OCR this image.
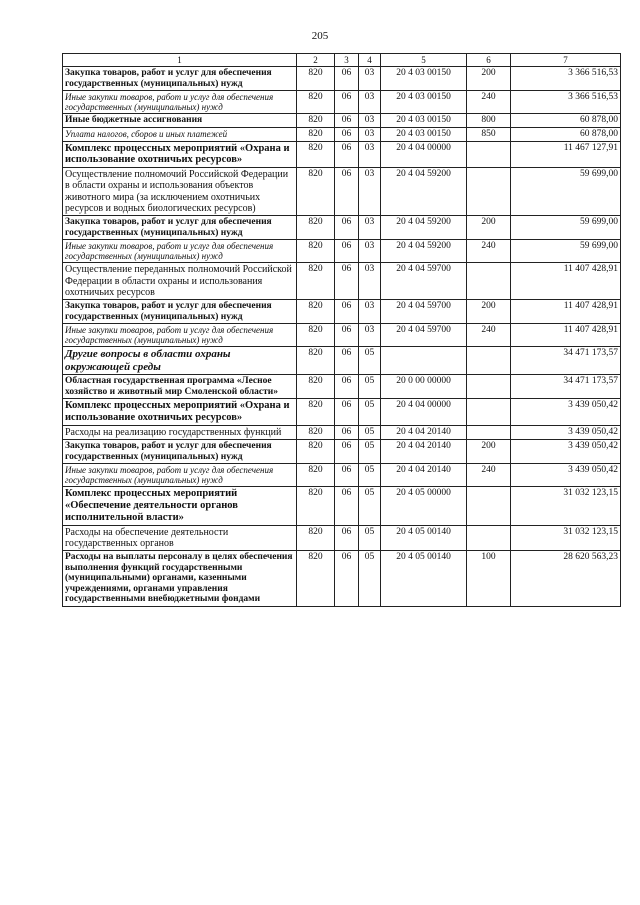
205
1	2	3	4	5	6	7
Закупка товаров, работ и услуг для обеспечения государственных (муниципальных) нужд	820	06	03	20 4 03 00150	200	3 366 516,53
Иные закупки товаров, работ и услуг для обеспечения государственных (муниципальных) нужд	820	06	03	20 4 03 00150	240	3 366 516,53
Иные бюджетные ассигнования	820	06	03	20 4 03 00150	800	60 878,00
Уплата налогов, сборов и иных платежей	820	06	03	20 4 03 00150	850	60 878,00
Комплекс процессных мероприятий «Охрана и использование охотничьих ресурсов»	820	06	03	20 4 04 00000		11 467 127,91
Осуществление полномочий Российской Федерации в области охраны и использования объектов животного мира (за исключением охотничьих ресурсов и водных биологических ресурсов)	820	06	03	20 4 04 59200		59 699,00
Закупка товаров, работ и услуг для обеспечения государственных (муниципальных) нужд	820	06	03	20 4 04 59200	200	59 699,00
Иные закупки товаров, работ и услуг для обеспечения государственных (муниципальных) нужд	820	06	03	20 4 04 59200	240	59 699,00
Осуществление переданных полномочий Российской Федерации в области охраны и использования охотничьих ресурсов	820	06	03	20 4 04 59700		11 407 428,91
Закупка товаров, работ и услуг для обеспечения государственных (муниципальных) нужд	820	06	03	20 4 04 59700	200	11 407 428,91
Иные закупки товаров, работ и услуг для обеспечения государственных (муниципальных) нужд	820	06	03	20 4 04 59700	240	11 407 428,91
Другие вопросы в области охраны окружающей среды	820	06	05			34 471 173,57
Областная государственная программа «Лесное хозяйство и животный мир Смоленской области»	820	06	05	20 0 00 00000		34 471 173,57
Комплекс процессных мероприятий «Охрана и использование охотничьих ресурсов»	820	06	05	20 4 04 00000		3 439 050,42
Расходы на реализацию государственных функций	820	06	05	20 4 04 20140		3 439 050,42
Закупка товаров, работ и услуг для обеспечения государственных (муниципальных) нужд	820	06	05	20 4 04 20140	200	3 439 050,42
Иные закупки товаров, работ и услуг для обеспечения государственных (муниципальных) нужд	820	06	05	20 4 04 20140	240	3 439 050,42
Комплекс процессных мероприятий «Обеспечение деятельности органов исполнительной власти»	820	06	05	20 4 05 00000		31 032 123,15
Расходы на обеспечение деятельности государственных органов	820	06	05	20 4 05 00140		31 032 123,15
Расходы на выплаты персоналу в целях обеспечения выполнения функций государственными (муниципальными) органами, казенными учреждениями, органами управления государственными внебюджетными фондами	820	06	05	20 4 05 00140	100	28 620 563,23
